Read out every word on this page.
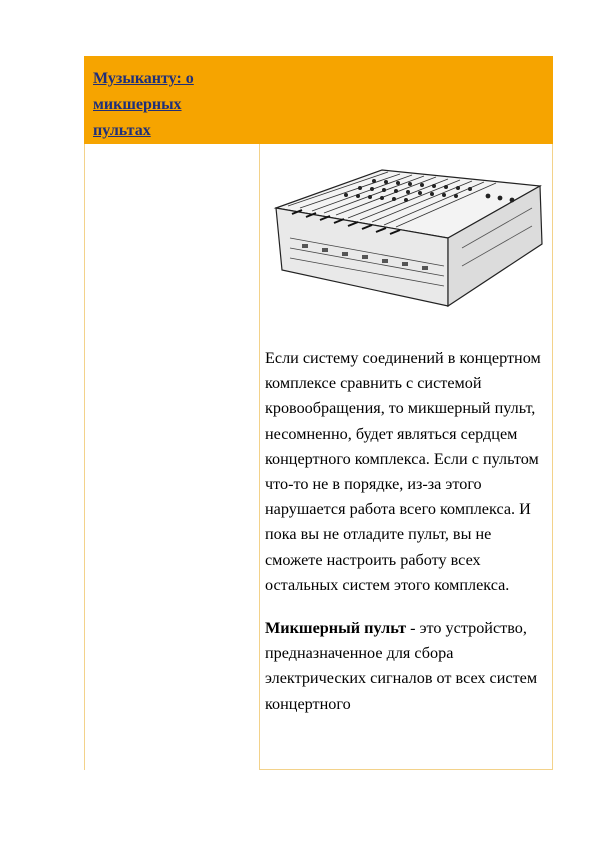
Музыканту: о
микшерных
пультах

Если систему соединений в концертном комплексе сравнить с системой кровообращения, то микшерный пульт, несомненно, будет являться сердцем концертного комплекса. Если с пультом что-то не в порядке, из-за этого нарушается работа всего комплекса. И пока вы не отладите пульт, вы не сможете настроить работу всех остальных систем этого комплекса.

Микшерный пульт - это устройство, предназначенное для сбора электрических сигналов от всех систем концертного
